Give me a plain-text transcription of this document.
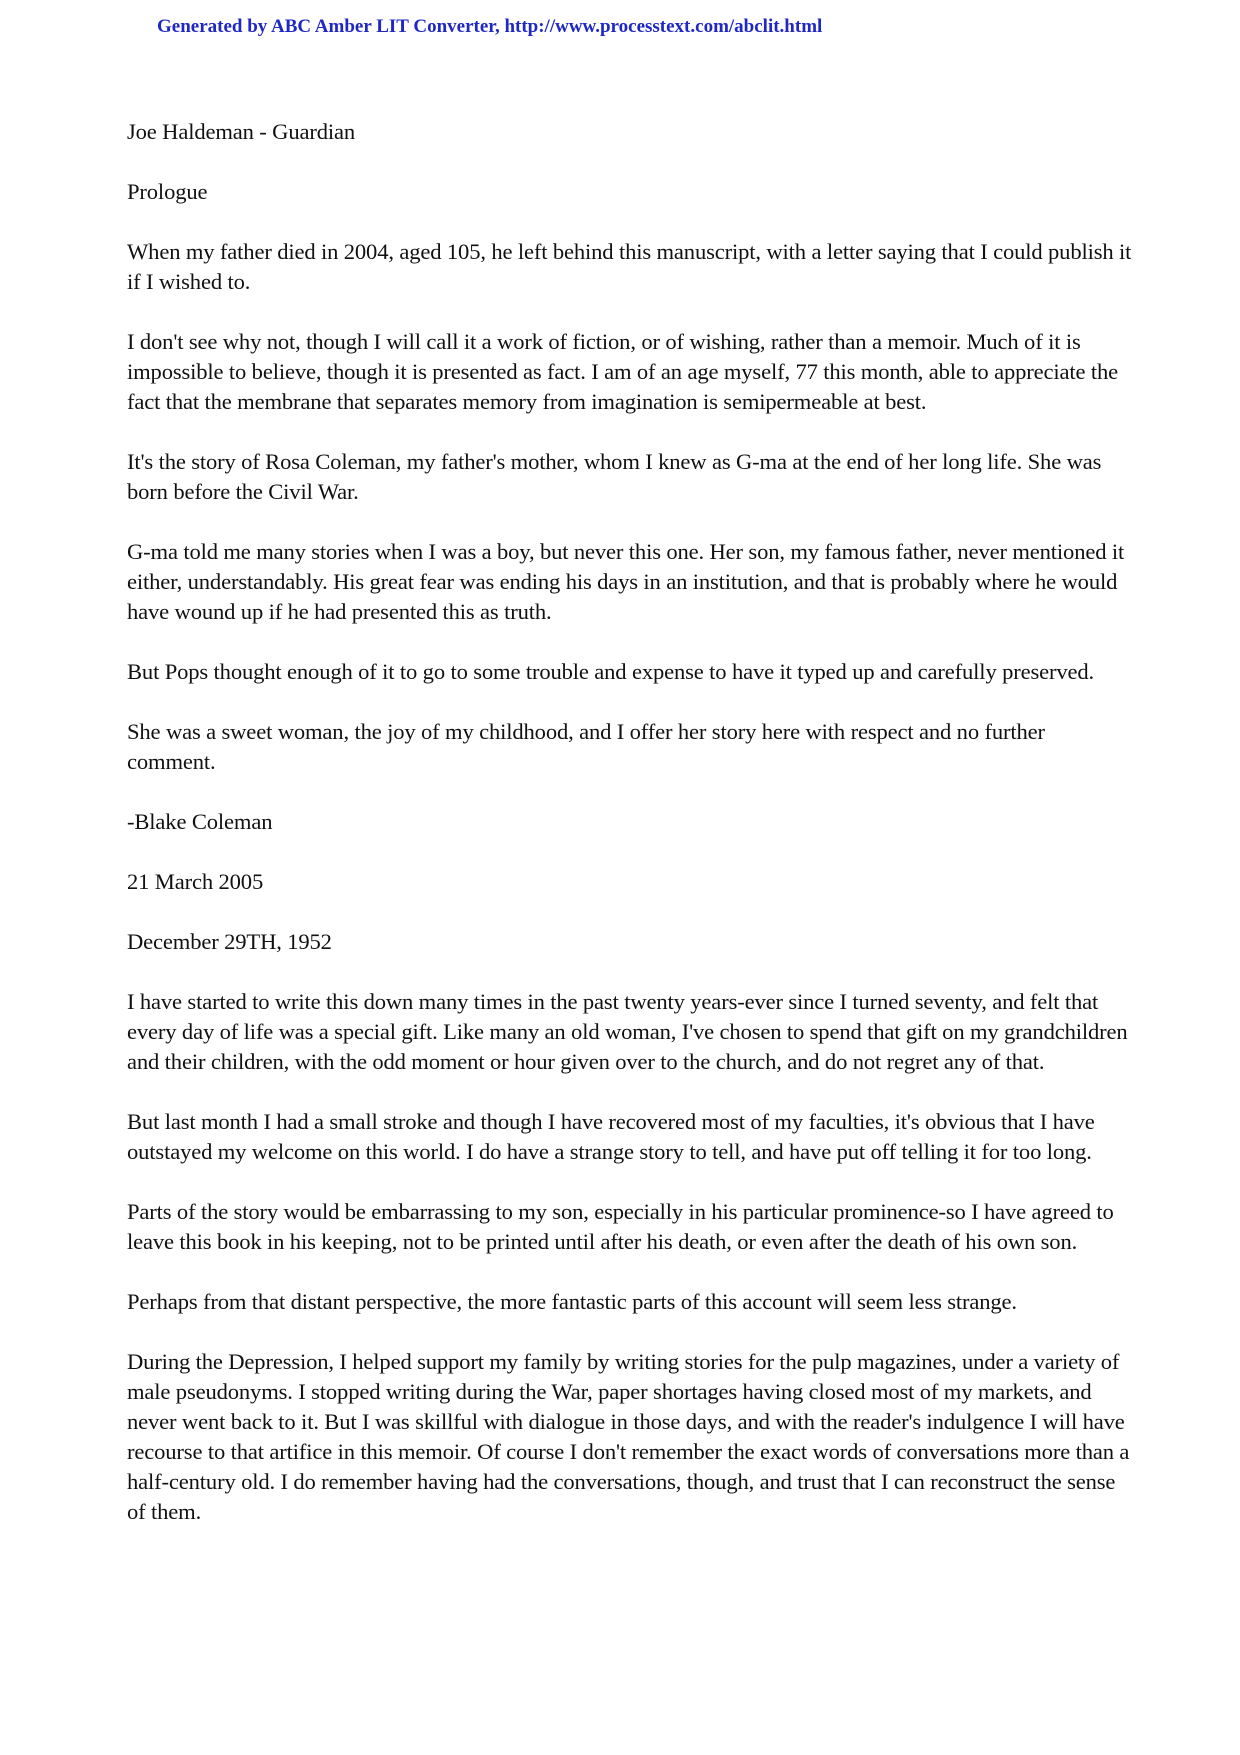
Generated by ABC Amber LIT Converter, http://www.processtext.com/abclit.html

Joe Haldeman - Guardian

Prologue

When my father died in 2004, aged 105, he left behind this manuscript, with a letter saying that I could publish it if I wished to.

I don't see why not, though I will call it a work of fiction, or of wishing, rather than a memoir. Much of it is impossible to believe, though it is presented as fact. I am of an age myself, 77 this month, able to appreciate the fact that the membrane that separates memory from imagination is semipermeable at best.

It's the story of Rosa Coleman, my father's mother, whom I knew as G-ma at the end of her long life. She was born before the Civil War.

G-ma told me many stories when I was a boy, but never this one. Her son, my famous father, never mentioned it either, understandably. His great fear was ending his days in an institution, and that is probably where he would have wound up if he had presented this as truth.

But Pops thought enough of it to go to some trouble and expense to have it typed up and carefully preserved.

She was a sweet woman, the joy of my childhood, and I offer her story here with respect and no further comment.

-Blake Coleman

21 March 2005

December 29TH, 1952

I have started to write this down many times in the past twenty years-ever since I turned seventy, and felt that every day of life was a special gift. Like many an old woman, I've chosen to spend that gift on my grandchildren and their children, with the odd moment or hour given over to the church, and do not regret any of that.

But last month I had a small stroke and though I have recovered most of my faculties, it's obvious that I have outstayed my welcome on this world. I do have a strange story to tell, and have put off telling it for too long.

Parts of the story would be embarrassing to my son, especially in his particular prominence-so I have agreed to leave this book in his keeping, not to be printed until after his death, or even after the death of his own son.

Perhaps from that distant perspective, the more fantastic parts of this account will seem less strange.

During the Depression, I helped support my family by writing stories for the pulp magazines, under a variety of male pseudonyms. I stopped writing during the War, paper shortages having closed most of my markets, and never went back to it. But I was skillful with dialogue in those days, and with the reader's indulgence I will have recourse to that artifice in this memoir. Of course I don't remember the exact words of conversations more than a half-century old. I do remember having had the conversations, though, and trust that I can reconstruct the sense of them.
